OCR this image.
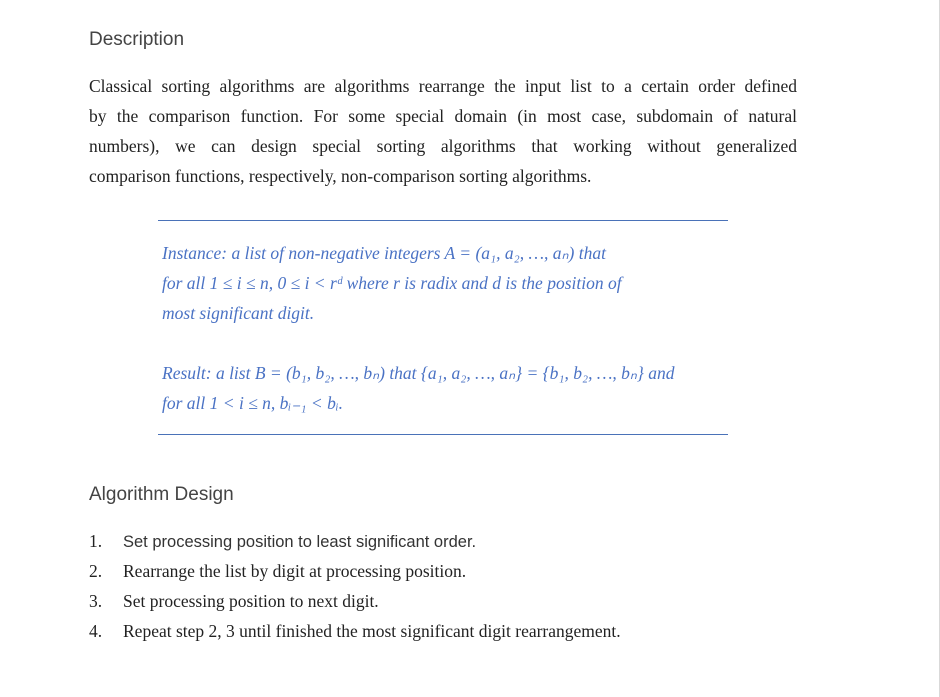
Description
Classical sorting algorithms are algorithms rearrange the input list to a certain order defined
by the comparison function. For some special domain (in most case, subdomain of natural
numbers), we can design special sorting algorithms that working without generalized
comparison functions, respectively, non-comparison sorting algorithms.
Instance: a list of non-negative integers A = (a₁, a₂, …, aₙ) that
for all 1 ≤ i ≤ n, 0 ≤ i < rᵈ where r is radix and d is the position of
most significant digit.
Result: a list B = (b₁, b₂, …, bₙ) that {a₁, a₂, …, aₙ} = {b₁, b₂, …, bₙ} and
for all 1 < i ≤ n, bᵢ₋₁ < bᵢ.
Algorithm Design
1. Set processing position to least significant order.
2. Rearrange the list by digit at processing position.
3. Set processing position to next digit.
4. Repeat step 2, 3 until finished the most significant digit rearrangement.
